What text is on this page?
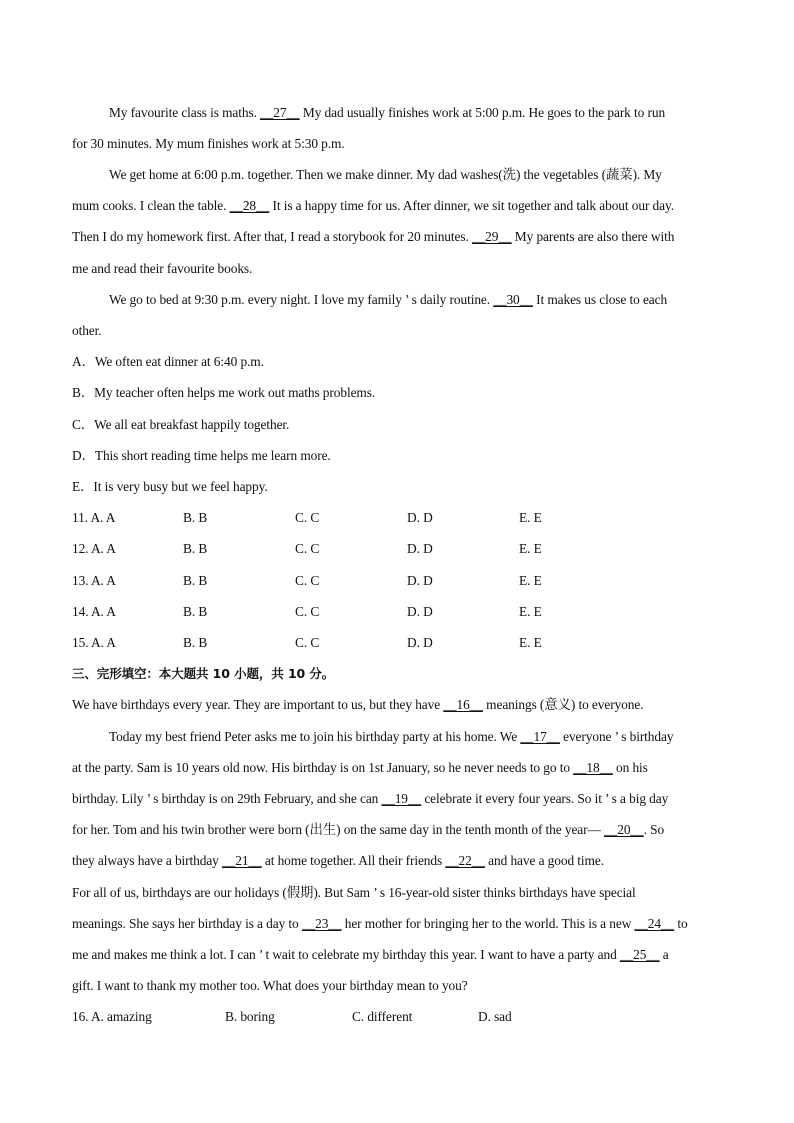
My favourite class is maths. __27__ My dad usually finishes work at 5:00 p.m. He goes to the park to run
for 30 minutes. My mum finishes work at 5:30 p.m.
We get home at 6:00 p.m. together. Then we make dinner. My dad washes(洗) the vegetables (蔬菜). My
mum cooks. I clean the table. __28__ It is a happy time for us. After dinner, we sit together and talk about our day.
Then I do my homework first. After that, I read a storybook for 20 minutes. __29__ My parents are also there with
me and read their favourite books.
We go to bed at 9:30 p.m. every night. I love my family ’ s daily routine. __30__ It makes us close to each
other.
A．We often eat dinner at 6:40 p.m.
B．My teacher often helps me work out maths problems.
C．We all eat breakfast happily together.
D．This short reading time helps me learn more.
E．It is very busy but we feel happy.
11. A. A	B. B	C. C	D. D	E. E
12. A. A	B. B	C. C	D. D	E. E
13. A. A	B. B	C. C	D. D	E. E
14. A. A	B. B	C. C	D. D	E. E
15. A. A	B. B	C. C	D. D	E. E
三、完形填空：本大题共 10 小题，共 10 分。
We have birthdays every year. They are important to us, but they have __16__ meanings (意义) to everyone.
Today my best friend Peter asks me to join his birthday party at his home. We __17__ everyone ’ s birthday
at the party. Sam is 10 years old now. His birthday is on 1st January, so he never needs to go to __18__ on his
birthday. Lily ’ s birthday is on 29th February, and she can __19__ celebrate it every four years. So it ’ s a big day
for her. Tom and his twin brother were born (出生) on the same day in the tenth month of the year— __20__. So
they always have a birthday __21__ at home together. All their friends __22__ and have a good time.
For all of us, birthdays are our holidays (假期). But Sam ’ s 16-year-old sister thinks birthdays have special
meanings. She says her birthday is a day to __23__ her mother for bringing her to the world. This is a new __24__ to
me and makes me think a lot. I can ’ t wait to celebrate my birthday this year. I want to have a party and __25__ a
gift. I want to thank my mother too. What does your birthday mean to you?
16. A. amazing	B. boring	C. different	D. sad
